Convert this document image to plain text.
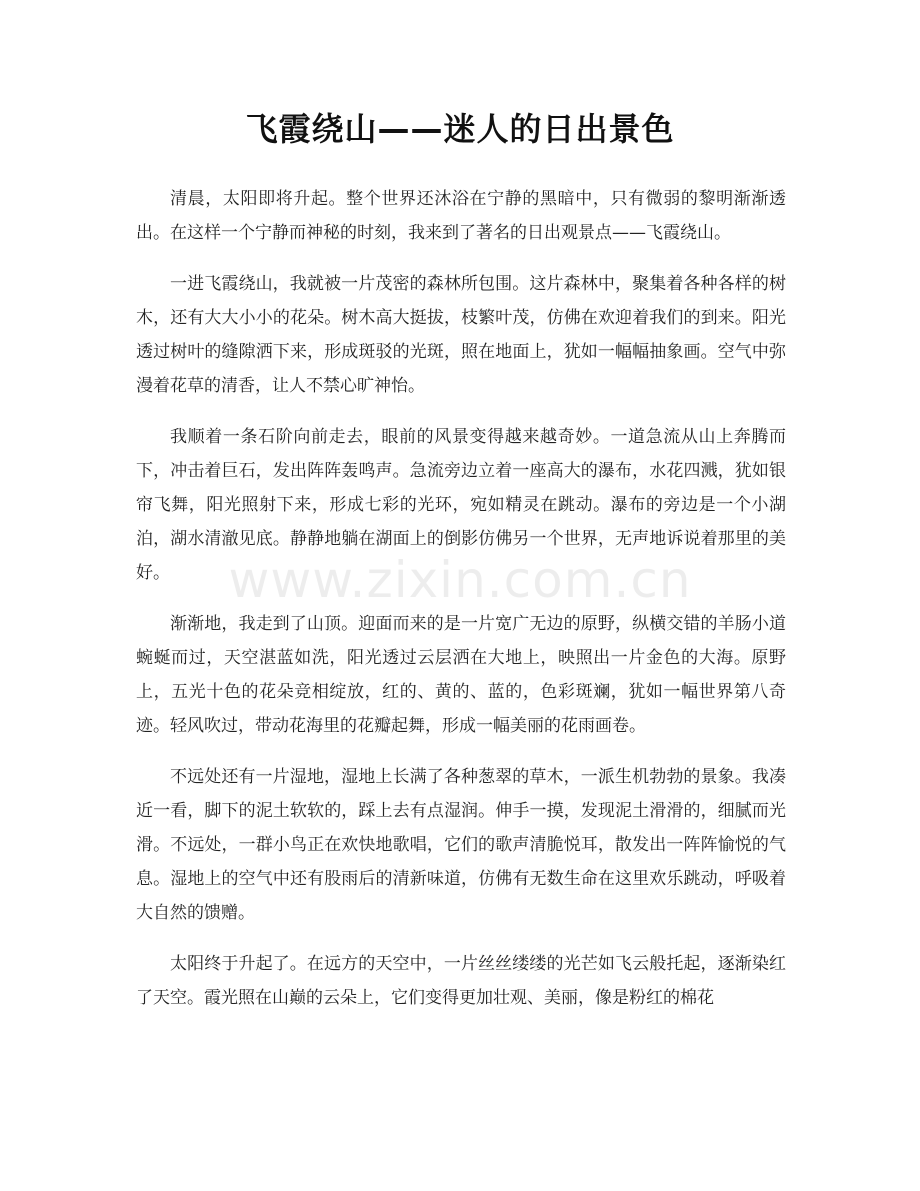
飞霞绕山——迷人的日出景色

清晨，太阳即将升起。整个世界还沐浴在宁静的黑暗中，只有微弱的黎明渐渐透出。在这样一个宁静而神秘的时刻，我来到了著名的日出观景点——飞霞绕山。

一进飞霞绕山，我就被一片茂密的森林所包围。这片森林中，聚集着各种各样的树木，还有大大小小的花朵。树木高大挺拔，枝繁叶茂，仿佛在欢迎着我们的到来。阳光透过树叶的缝隙洒下来，形成斑驳的光斑，照在地面上，犹如一幅幅抽象画。空气中弥漫着花草的清香，让人不禁心旷神怡。

我顺着一条石阶向前走去，眼前的风景变得越来越奇妙。一道急流从山上奔腾而下，冲击着巨石，发出阵阵轰鸣声。急流旁边立着一座高大的瀑布，水花四溅，犹如银帘飞舞，阳光照射下来，形成七彩的光环，宛如精灵在跳动。瀑布的旁边是一个小湖泊，湖水清澈见底。静静地躺在湖面上的倒影仿佛另一个世界，无声地诉说着那里的美好。

渐渐地，我走到了山顶。迎面而来的是一片宽广无边的原野，纵横交错的羊肠小道蜿蜒而过，天空湛蓝如洗，阳光透过云层洒在大地上，映照出一片金色的大海。原野上，五光十色的花朵竞相绽放，红的、黄的、蓝的，色彩斑斓，犹如一幅世界第八奇迹。轻风吹过，带动花海里的花瓣起舞，形成一幅美丽的花雨画卷。

不远处还有一片湿地，湿地上长满了各种葱翠的草木，一派生机勃勃的景象。我凑近一看，脚下的泥土软软的，踩上去有点湿润。伸手一摸，发现泥土滑滑的，细腻而光滑。不远处，一群小鸟正在欢快地歌唱，它们的歌声清脆悦耳，散发出一阵阵愉悦的气息。湿地上的空气中还有股雨后的清新味道，仿佛有无数生命在这里欢乐跳动，呼吸着大自然的馈赠。

太阳终于升起了。在远方的天空中，一片丝丝缕缕的光芒如飞云般托起，逐渐染红了天空。霞光照在山巅的云朵上，它们变得更加壮观、美丽，像是粉红的棉花

www.zixin.com.cn
